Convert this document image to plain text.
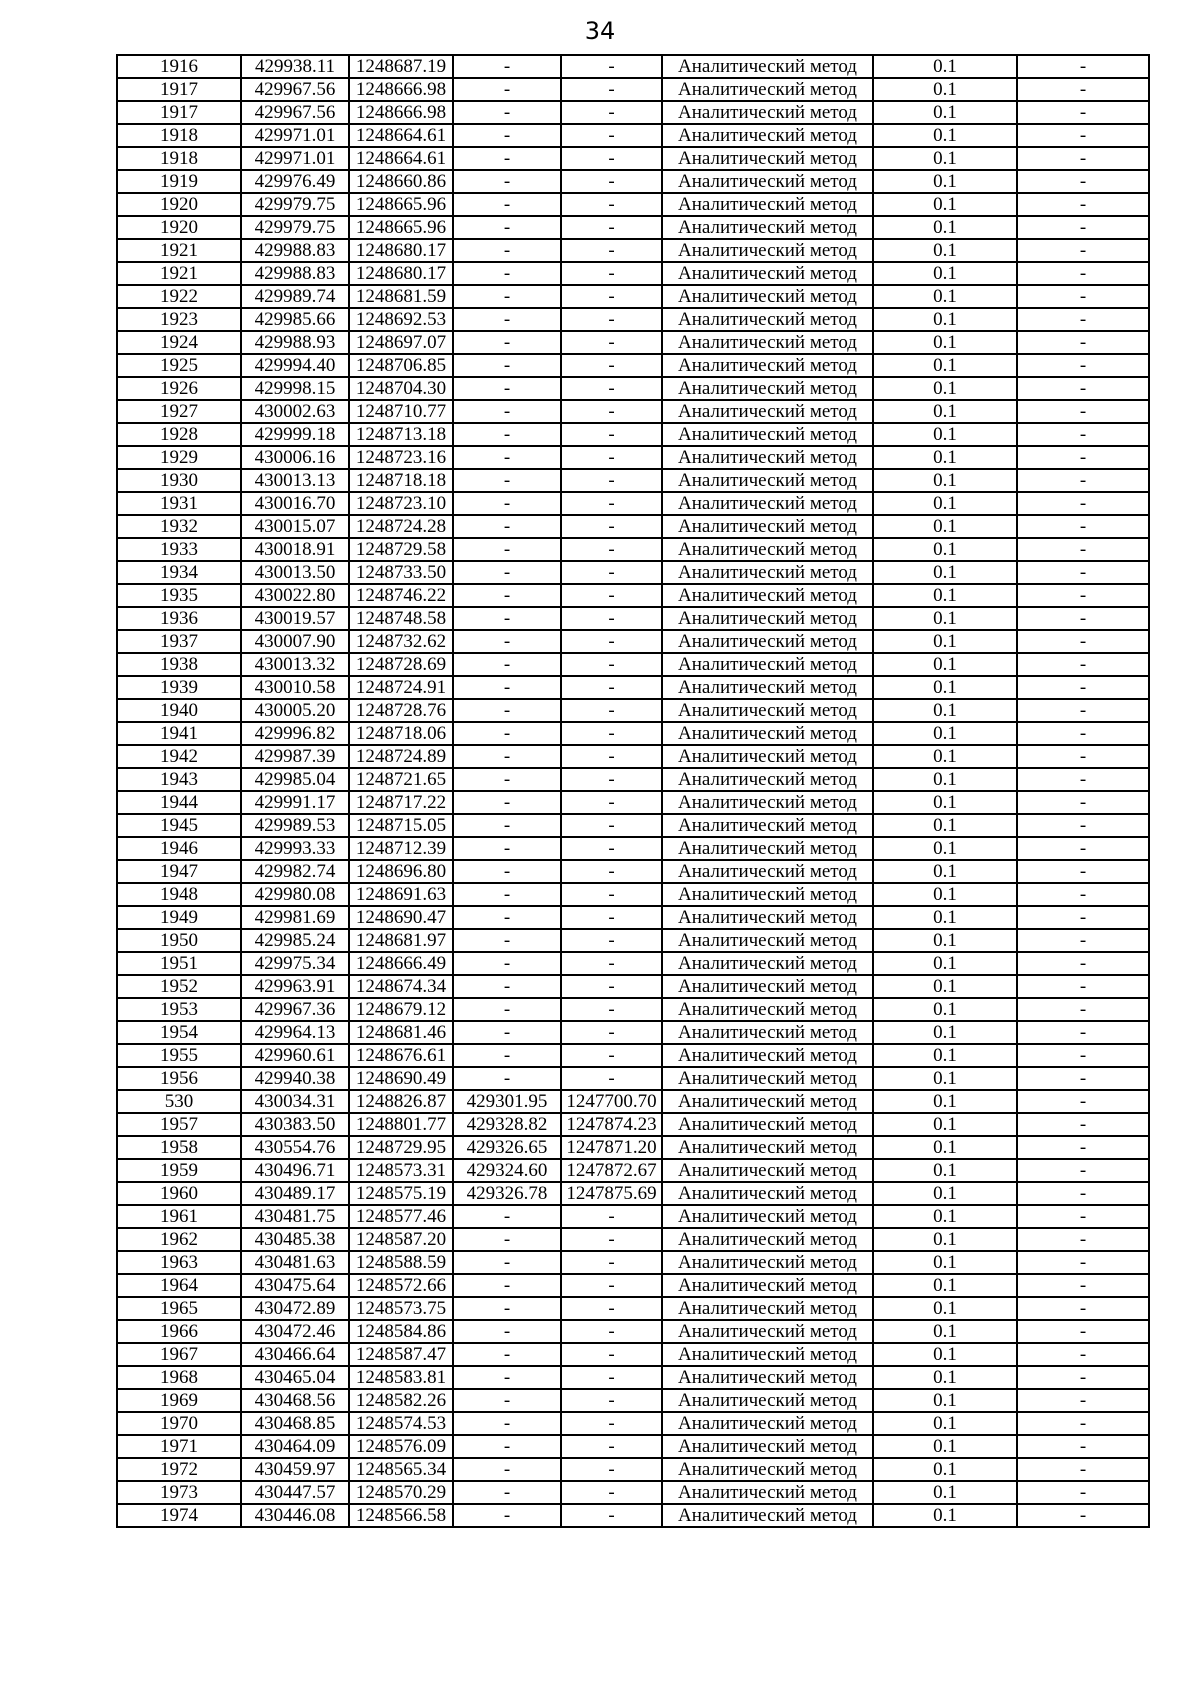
34
1916	429938.11	1248687.19	-	-	Аналитический метод	0.1	-
1917	429967.56	1248666.98	-	-	Аналитический метод	0.1	-
1917	429967.56	1248666.98	-	-	Аналитический метод	0.1	-
1918	429971.01	1248664.61	-	-	Аналитический метод	0.1	-
1918	429971.01	1248664.61	-	-	Аналитический метод	0.1	-
1919	429976.49	1248660.86	-	-	Аналитический метод	0.1	-
1920	429979.75	1248665.96	-	-	Аналитический метод	0.1	-
1920	429979.75	1248665.96	-	-	Аналитический метод	0.1	-
1921	429988.83	1248680.17	-	-	Аналитический метод	0.1	-
1921	429988.83	1248680.17	-	-	Аналитический метод	0.1	-
1922	429989.74	1248681.59	-	-	Аналитический метод	0.1	-
1923	429985.66	1248692.53	-	-	Аналитический метод	0.1	-
1924	429988.93	1248697.07	-	-	Аналитический метод	0.1	-
1925	429994.40	1248706.85	-	-	Аналитический метод	0.1	-
1926	429998.15	1248704.30	-	-	Аналитический метод	0.1	-
1927	430002.63	1248710.77	-	-	Аналитический метод	0.1	-
1928	429999.18	1248713.18	-	-	Аналитический метод	0.1	-
1929	430006.16	1248723.16	-	-	Аналитический метод	0.1	-
1930	430013.13	1248718.18	-	-	Аналитический метод	0.1	-
1931	430016.70	1248723.10	-	-	Аналитический метод	0.1	-
1932	430015.07	1248724.28	-	-	Аналитический метод	0.1	-
1933	430018.91	1248729.58	-	-	Аналитический метод	0.1	-
1934	430013.50	1248733.50	-	-	Аналитический метод	0.1	-
1935	430022.80	1248746.22	-	-	Аналитический метод	0.1	-
1936	430019.57	1248748.58	-	-	Аналитический метод	0.1	-
1937	430007.90	1248732.62	-	-	Аналитический метод	0.1	-
1938	430013.32	1248728.69	-	-	Аналитический метод	0.1	-
1939	430010.58	1248724.91	-	-	Аналитический метод	0.1	-
1940	430005.20	1248728.76	-	-	Аналитический метод	0.1	-
1941	429996.82	1248718.06	-	-	Аналитический метод	0.1	-
1942	429987.39	1248724.89	-	-	Аналитический метод	0.1	-
1943	429985.04	1248721.65	-	-	Аналитический метод	0.1	-
1944	429991.17	1248717.22	-	-	Аналитический метод	0.1	-
1945	429989.53	1248715.05	-	-	Аналитический метод	0.1	-
1946	429993.33	1248712.39	-	-	Аналитический метод	0.1	-
1947	429982.74	1248696.80	-	-	Аналитический метод	0.1	-
1948	429980.08	1248691.63	-	-	Аналитический метод	0.1	-
1949	429981.69	1248690.47	-	-	Аналитический метод	0.1	-
1950	429985.24	1248681.97	-	-	Аналитический метод	0.1	-
1951	429975.34	1248666.49	-	-	Аналитический метод	0.1	-
1952	429963.91	1248674.34	-	-	Аналитический метод	0.1	-
1953	429967.36	1248679.12	-	-	Аналитический метод	0.1	-
1954	429964.13	1248681.46	-	-	Аналитический метод	0.1	-
1955	429960.61	1248676.61	-	-	Аналитический метод	0.1	-
1956	429940.38	1248690.49	-	-	Аналитический метод	0.1	-
530	430034.31	1248826.87	429301.95	1247700.70	Аналитический метод	0.1	-
1957	430383.50	1248801.77	429328.82	1247874.23	Аналитический метод	0.1	-
1958	430554.76	1248729.95	429326.65	1247871.20	Аналитический метод	0.1	-
1959	430496.71	1248573.31	429324.60	1247872.67	Аналитический метод	0.1	-
1960	430489.17	1248575.19	429326.78	1247875.69	Аналитический метод	0.1	-
1961	430481.75	1248577.46	-	-	Аналитический метод	0.1	-
1962	430485.38	1248587.20	-	-	Аналитический метод	0.1	-
1963	430481.63	1248588.59	-	-	Аналитический метод	0.1	-
1964	430475.64	1248572.66	-	-	Аналитический метод	0.1	-
1965	430472.89	1248573.75	-	-	Аналитический метод	0.1	-
1966	430472.46	1248584.86	-	-	Аналитический метод	0.1	-
1967	430466.64	1248587.47	-	-	Аналитический метод	0.1	-
1968	430465.04	1248583.81	-	-	Аналитический метод	0.1	-
1969	430468.56	1248582.26	-	-	Аналитический метод	0.1	-
1970	430468.85	1248574.53	-	-	Аналитический метод	0.1	-
1971	430464.09	1248576.09	-	-	Аналитический метод	0.1	-
1972	430459.97	1248565.34	-	-	Аналитический метод	0.1	-
1973	430447.57	1248570.29	-	-	Аналитический метод	0.1	-
1974	430446.08	1248566.58	-	-	Аналитический метод	0.1	-
